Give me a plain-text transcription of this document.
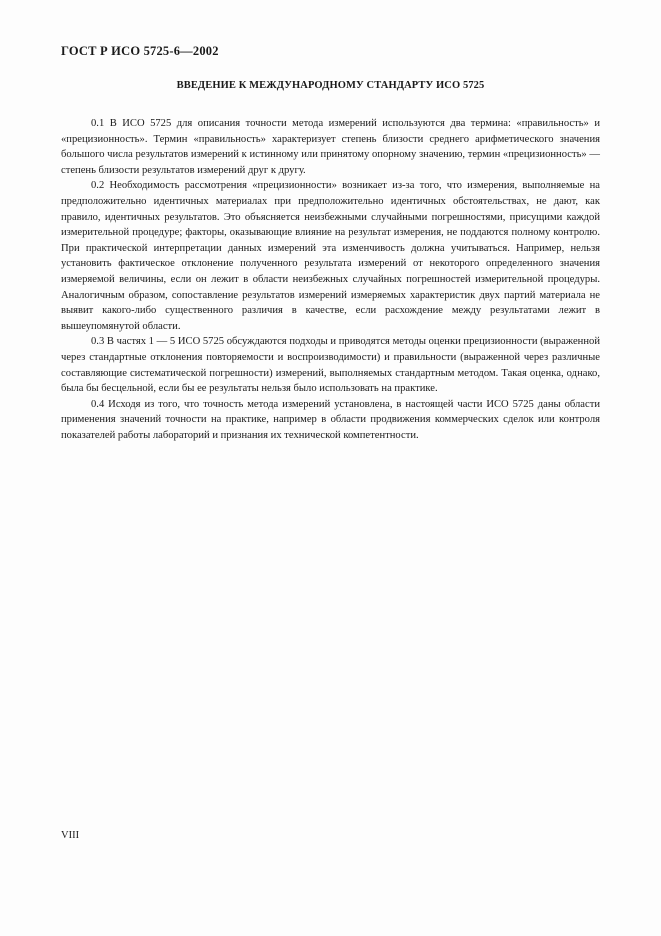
ГОСТ Р ИСО 5725-6—2002
ВВЕДЕНИЕ К МЕЖДУНАРОДНОМУ СТАНДАРТУ ИСО 5725

0.1 В ИСО 5725 для описания точности метода измерений используются два термина: «правильность» и «прецизионность». Термин «правильность» характеризует степень близости среднего арифметического значения большого числа результатов измерений к истинному или принятому опорному значению, термин «прецизионность» — степень близости результатов измерений друг к другу.

0.2 Необходимость рассмотрения «прецизионности» возникает из-за того, что измерения, выполняемые на предположительно идентичных материалах при предположительно идентичных обстоятельствах, не дают, как правило, идентичных результатов. Это объясняется неизбежными случайными погрешностями, присущими каждой измерительной процедуре; факторы, оказывающие влияние на результат измерения, не поддаются полному контролю. При практической интерпретации данных измерений эта изменчивость должна учитываться. Например, нельзя установить фактическое отклонение полученного результата измерений от некоторого определенного значения измеряемой величины, если он лежит в области неизбежных случайных погрешностей измерительной процедуры. Аналогичным образом, сопоставление результатов измерений измеряемых характеристик двух партий материала не выявит какого-либо существенного различия в качестве, если расхождение между результатами лежит в вышеупомянутой области.

0.3 В частях 1 — 5 ИСО 5725 обсуждаются подходы и приводятся методы оценки прецизионности (выраженной через стандартные отклонения повторяемости и воспроизводимости) и правильности (выраженной через различные составляющие систематической погрешности) измерений, выполняемых стандартным методом. Такая оценка, однако, была бы бесцельной, если бы ее результаты нельзя было использовать на практике.

0.4 Исходя из того, что точность метода измерений установлена, в настоящей части ИСО 5725 даны области применения значений точности на практике, например в области продвижения коммерческих сделок или контроля показателей работы лабораторий и признания их технической компетентности.

VIII
